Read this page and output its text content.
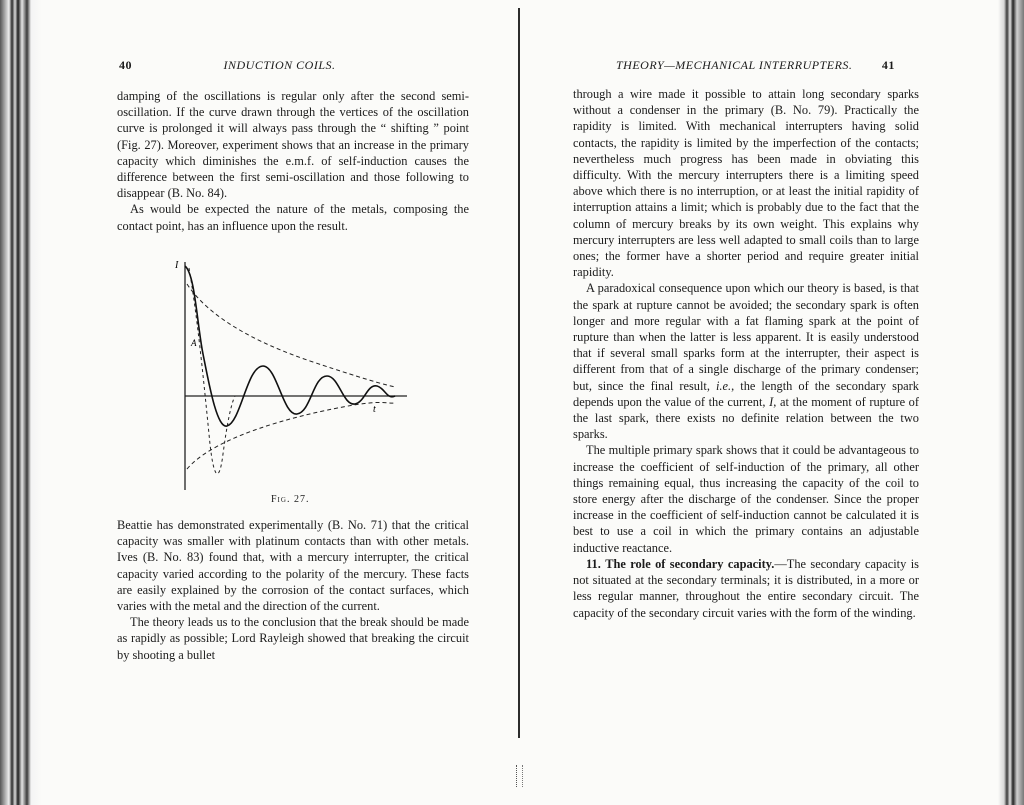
40	INDUCTION COILS.

damping of the oscillations is regular only after the second semi-oscillation. If the curve drawn through the vertices of the oscillation curve is prolonged it will always pass through the “ shifting ” point (Fig. 27). Moreover, experiment shows that an increase in the primary capacity which diminishes the e.m.f. of self-induction causes the difference between the first semi-oscillation and those following to disappear (B. No. 84).

As would be expected the nature of the metals, composing the contact point, has an influence upon the result.

I
A
t
Fig. 27.

Beattie has demonstrated experimentally (B. No. 71) that the critical capacity was smaller with platinum contacts than with other metals. Ives (B. No. 83) found that, with a mercury interrupter, the critical capacity varied according to the polarity of the mercury. These facts are easily explained by the corrosion of the contact surfaces, which varies with the metal and the direction of the current.

The theory leads us to the conclusion that the break should be made as rapidly as possible; Lord Rayleigh showed that breaking the circuit by shooting a bullet

THEORY—MECHANICAL INTERRUPTERS. 41

through a wire made it possible to attain long secondary sparks without a condenser in the primary (B. No. 79). Practically the rapidity is limited. With mechanical interrupters having solid contacts, the rapidity is limited by the imperfection of the contacts; nevertheless much progress has been made in obviating this difficulty. With the mercury interrupters there is a limiting speed above which there is no interruption, or at least the initial rapidity of interruption attains a limit; which is probably due to the fact that the column of mercury breaks by its own weight. This explains why mercury interrupters are less well adapted to small coils than to large ones; the former have a shorter period and require greater initial rapidity.

A paradoxical consequence upon which our theory is based, is that the spark at rupture cannot be avoided; the secondary spark is often longer and more regular with a fat flaming spark at the point of rupture than when the latter is less apparent. It is easily understood that if several small sparks form at the interrupter, their aspect is different from that of a single discharge of the primary condenser; but, since the final result, i.e., the length of the secondary spark depends upon the value of the current, I, at the moment of rupture of the last spark, there exists no definite relation between the two sparks.

The multiple primary spark shows that it could be advantageous to increase the coefficient of self-induction of the primary, all other things remaining equal, thus increasing the capacity of the coil to store energy after the discharge of the condenser. Since the proper increase in the coefficient of self-induction cannot be calculated it is best to use a coil in which the primary contains an adjustable inductive reactance.

11. The role of secondary capacity.—The secondary capacity is not situated at the secondary terminals; it is distributed, in a more or less regular manner, throughout the entire secondary circuit. The capacity of the secondary circuit varies with the form of the winding.
